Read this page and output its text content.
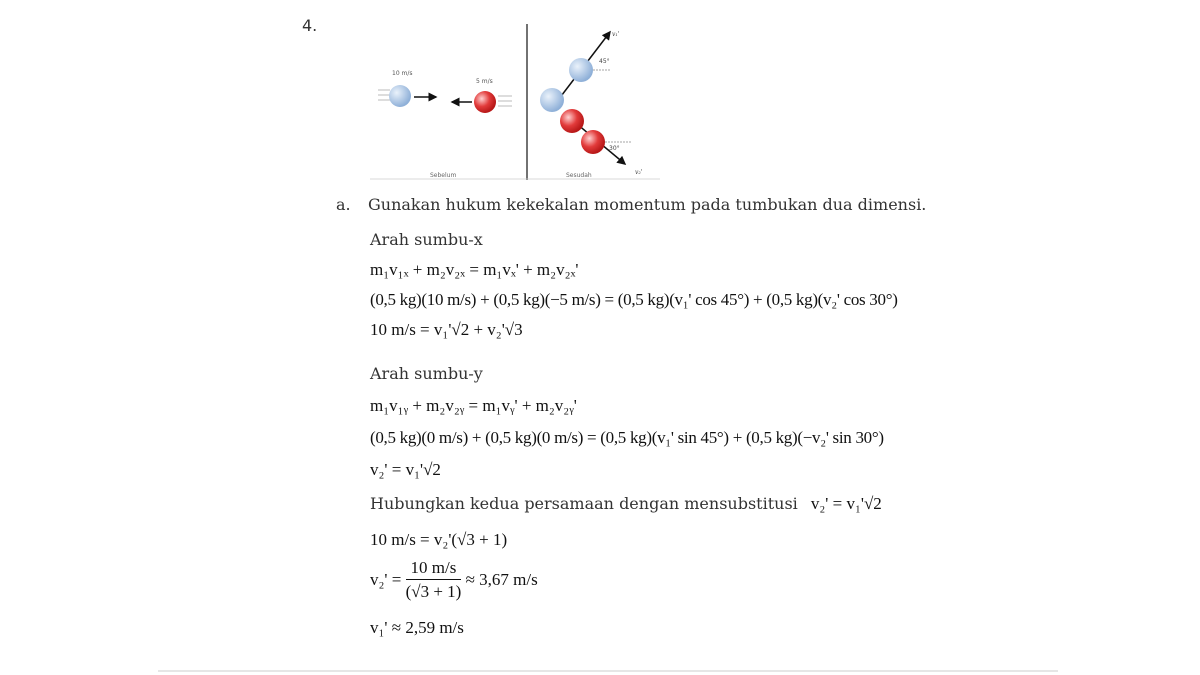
4.
10 m/s
5 m/s
45°
30°
v₁'
v₂'
Sebelum	Sesudah
a. Gunakan hukum kekekalan momentum pada tumbukan dua dimensi.
Arah sumbu-x
m₁v₁ₓ + m₂v₂ₓ = m₁vₓ' + m₂v₂ₓ'
(0,5 kg)(10 m/s) + (0,5 kg)(−5 m/s) = (0,5 kg)(v₁' cos 45°) + (0,5 kg)(v₂' cos 30°)
10 m/s = v₁'√2 + v₂'√3
Arah sumbu-y
m₁v₁ᵧ + m₂v₂ᵧ = m₁vᵧ' + m₂v₂ᵧ'
(0,5 kg)(0 m/s) + (0,5 kg)(0 m/s) = (0,5 kg)(v₁' sin 45°) + (0,5 kg)(−v₂' sin 30°)
v₂' = v₁'√2
Hubungkan kedua persamaan dengan mensubstitusi v₂' = v₁'√2
10 m/s = v₂'(√3 + 1)
$v_2' = \frac{10 m/s}{(√3 + 1)} \approx 3,67$ m/s
v₁' ≈ 2,59 m/s
